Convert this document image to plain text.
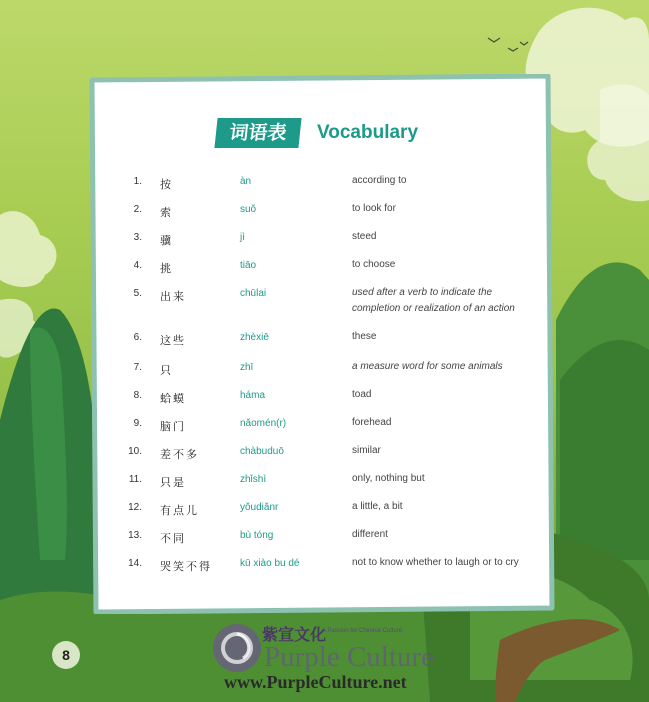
词语表	Vocabulary
1. 按	àn	according to
2. 索	suǒ	to look for
3. 骥	jì	steed
4. 挑	tiāo	to choose
5. 出来	chūlai	used after a verb to indicate the completion or realization of an action
6. 这些	zhèxiē	these
7. 只	zhī	a measure word for some animals
8. 蛤蟆	háma	toad
9. 脑门	nǎomén(r)	forehead
10. 差不多	chàbuduō	similar
11. 只是	zhǐshì	only, nothing but
12. 有点儿	yǒudiǎnr	a little, a bit
13. 不同	bù tóng	different
14. 哭笑不得	kū xiào bu dé	not to know whether to laugh or to cry
8
紫宣文化
A Passion for Chinese Culture
Purple Culture
www.PurpleCulture.net
